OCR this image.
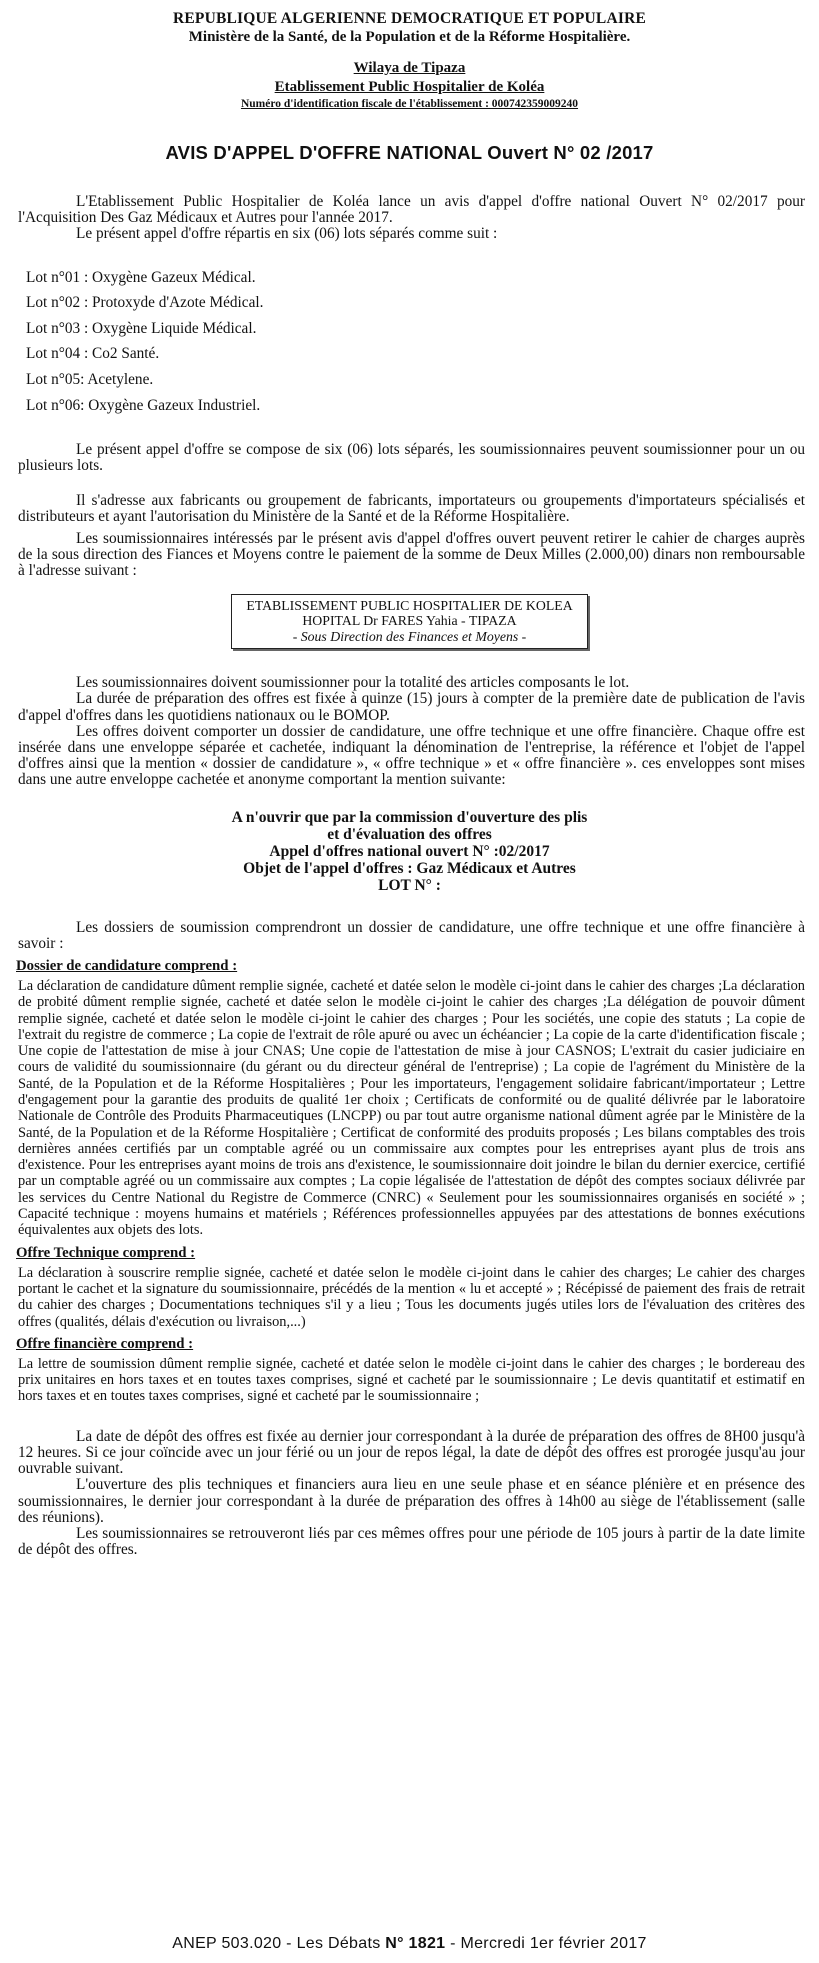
REPUBLIQUE ALGERIENNE DEMOCRATIQUE ET POPULAIRE
Ministère de la Santé, de la Population et de la Réforme Hospitalière.
Wilaya de Tipaza
Etablissement Public Hospitalier de Koléa
Numéro d'identification fiscale de l'établissement : 000742359009240
AVIS D'APPEL D'OFFRE NATIONAL Ouvert N° 02 /2017
L'Etablissement Public Hospitalier de Koléa lance un avis d'appel d'offre national Ouvert N° 02/2017 pour l'Acquisition Des Gaz Médicaux et Autres pour l'année 2017.
Le présent appel d'offre répartis en six (06) lots séparés comme suit :
Lot n°01 : Oxygène Gazeux Médical.
Lot n°02 : Protoxyde d'Azote Médical.
Lot n°03 : Oxygène Liquide Médical.
Lot n°04 : Co2 Santé.
Lot n°05: Acetylene.
Lot n°06: Oxygène Gazeux Industriel.
Le présent appel d'offre se compose de six (06) lots séparés, les soumissionnaires peuvent soumissionner pour un ou plusieurs lots.
Il s'adresse aux fabricants ou groupement de fabricants, importateurs ou groupements d'importateurs spécialisés et distributeurs et ayant l'autorisation du Ministère de la Santé et de la Réforme Hospitalière.
Les soumissionnaires intéressés par le présent avis d'appel d'offres ouvert peuvent retirer le cahier de charges auprès de la sous direction des Fiances et Moyens contre le paiement de la somme de Deux Milles (2.000,00) dinars non remboursable à l'adresse suivant :
ETABLISSEMENT PUBLIC HOSPITALIER DE KOLEA
HOPITAL Dr FARES Yahia - TIPAZA
- Sous Direction des Finances et Moyens -
Les soumissionnaires doivent soumissionner pour la totalité des articles composants le lot.
La durée de préparation des offres est fixée à quinze (15) jours à compter de la première date de publication de l'avis d'appel d'offres dans les quotidiens nationaux ou le BOMOP.
Les offres doivent comporter un dossier de candidature, une offre technique et une offre financière. Chaque offre est insérée dans une enveloppe séparée et cachetée, indiquant la dénomination de l'entreprise, la référence et l'objet de l'appel d'offres ainsi que la mention « dossier de candidature », « offre technique » et « offre financière ». ces enveloppes sont mises dans une autre enveloppe cachetée et anonyme comportant la mention suivante:
A n'ouvrir que par la commission d'ouverture des plis
et d'évaluation des offres
Appel d'offres national ouvert N° :02/2017
Objet de l'appel d'offres : Gaz Médicaux et Autres
LOT N° :
Les dossiers de soumission comprendront un dossier de candidature, une offre technique et une offre financière à savoir :
Dossier de candidature comprend :
La déclaration de candidature dûment remplie signée, cacheté et datée selon le modèle ci-joint dans le cahier des charges ;La déclaration de probité dûment remplie signée, cacheté et datée selon le modèle ci-joint le cahier des charges ;La délégation de pouvoir dûment remplie signée, cacheté et datée selon le modèle ci-joint le cahier des charges ; Pour les sociétés, une copie des statuts ; La copie de l'extrait du registre de commerce ; La copie de l'extrait de rôle apuré ou avec un échéancier ; La copie de la carte d'identification fiscale ; Une copie de l'attestation de mise à jour CNAS; Une copie de l'attestation de mise à jour CASNOS; L'extrait du casier judiciaire en cours de validité du soumissionnaire (du gérant ou du directeur général de l'entreprise) ; La copie de l'agrément du Ministère de la Santé, de la Population et de la Réforme Hospitalières ; Pour les importateurs, l'engagement solidaire fabricant/importateur ; Lettre d'engagement pour la garantie des produits de qualité 1er choix ; Certificats de conformité ou de qualité délivrée par le laboratoire Nationale de Contrôle des Produits Pharmaceutiques (LNCPP) ou par tout autre organisme national dûment agrée par le Ministère de la Santé, de la Population et de la Réforme Hospitalière ; Certificat de conformité des produits proposés ; Les bilans comptables des trois dernières années certifiés par un comptable agréé ou un commissaire aux comptes pour les entreprises ayant plus de trois ans d'existence. Pour les entreprises ayant moins de trois ans d'existence, le soumissionnaire doit joindre le bilan du dernier exercice, certifié par un comptable agréé ou un commissaire aux comptes ; La copie légalisée de l'attestation de dépôt des comptes sociaux délivrée par les services du Centre National du Registre de Commerce (CNRC) « Seulement pour les soumissionnaires organisés en société » ; Capacité technique : moyens humains et matériels ; Références professionnelles appuyées par des attestations de bonnes exécutions équivalentes aux objets des lots.
Offre Technique comprend :
La déclaration à souscrire remplie signée, cacheté et datée selon le modèle ci-joint dans le cahier des charges; Le cahier des charges portant le cachet et la signature du soumissionnaire, précédés de la mention « lu et accepté » ; Récépissé de paiement des frais de retrait du cahier des charges ; Documentations techniques s'il y a lieu ; Tous les documents jugés utiles lors de l'évaluation des critères des offres (qualités, délais d'exécution ou livraison,...)
Offre financière comprend :
La lettre de soumission dûment remplie signée, cacheté et datée selon le modèle ci-joint dans le cahier des charges ; le bordereau des prix unitaires en hors taxes et en toutes taxes comprises, signé et cacheté par le soumissionnaire ; Le devis quantitatif et estimatif en hors taxes et en toutes taxes comprises, signé et cacheté par le soumissionnaire ;
La date de dépôt des offres est fixée au dernier jour correspondant à la durée de préparation des offres de 8H00 jusqu'à 12 heures. Si ce jour coïncide avec un jour férié ou un jour de repos légal, la date de dépôt des offres est prorogée jusqu'au jour ouvrable suivant.
L'ouverture des plis techniques et financiers aura lieu en une seule phase et en séance plénière et en présence des soumissionnaires, le dernier jour correspondant à la durée de préparation des offres à 14h00 au siège de l'établissement (salle des réunions).
Les soumissionnaires se retrouveront liés par ces mêmes offres pour une période de 105 jours à partir de la date limite de dépôt des offres.
ANEP 503.020 - Les Débats N° 1821 - Mercredi 1er février 2017
